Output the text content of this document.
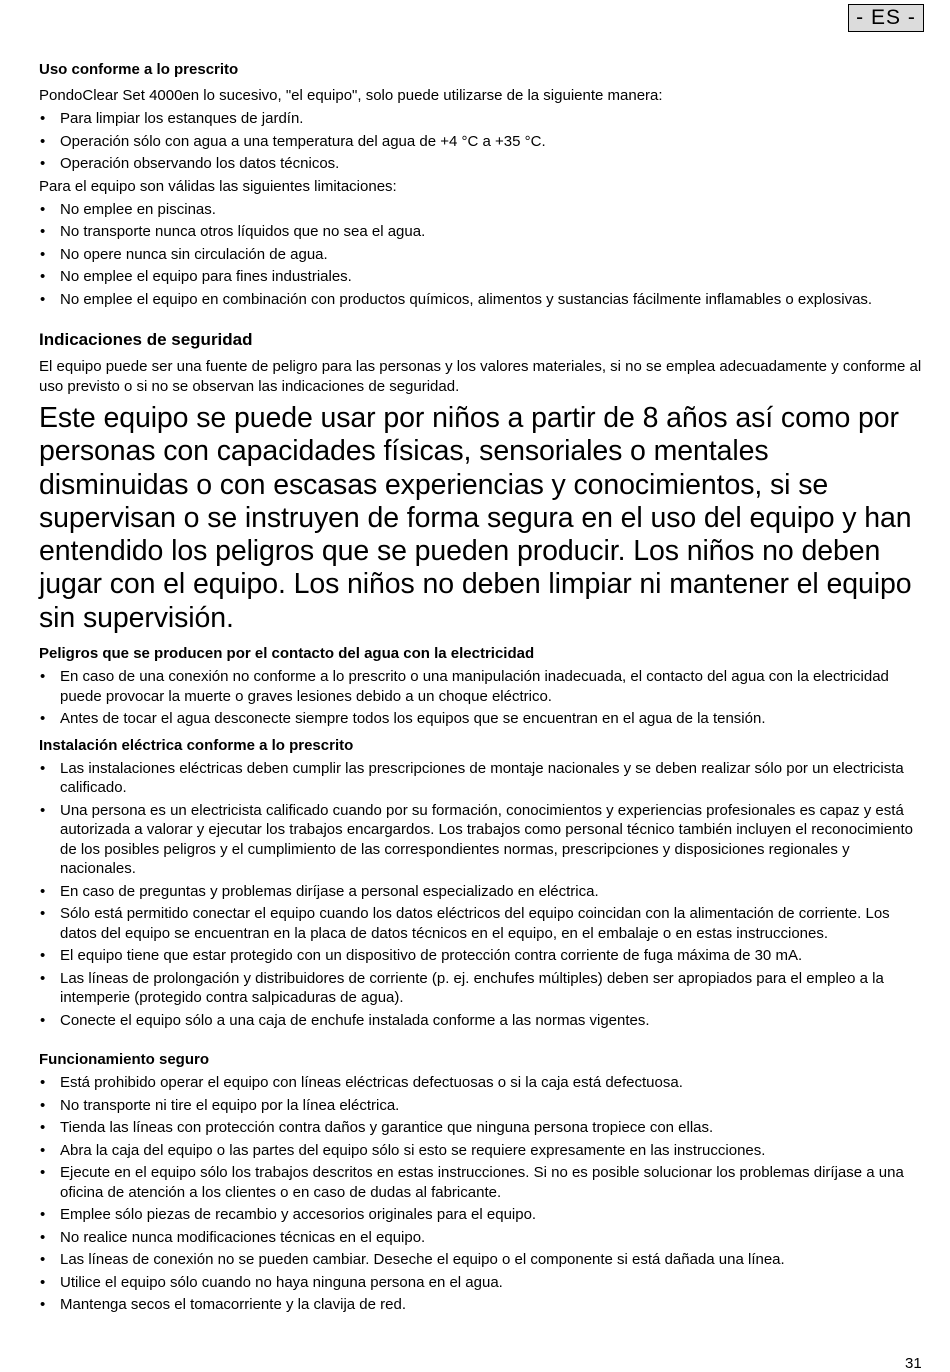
- ES -

Uso conforme a lo prescrito

PondoClear Set 4000en lo sucesivo, "el equipo", solo puede utilizarse de la siguiente manera:

• Para limpiar los estanques de jardín.
• Operación sólo con agua a una temperatura del agua de +4 °C a +35 °C.
• Operación observando los datos técnicos.

Para el equipo son válidas las siguientes limitaciones:

• No emplee en piscinas.
• No transporte nunca otros líquidos que no sea el agua.
• No opere nunca sin circulación de agua.
• No emplee el equipo para fines industriales.
• No emplee el equipo en combinación con productos químicos, alimentos y sustancias fácilmente inflamables o explosivas.

Indicaciones de seguridad

El equipo puede ser una fuente de peligro para las personas y los valores materiales, si no se emplea adecuadamente y conforme al uso previsto o si no se observan las indicaciones de seguridad.

Este equipo se puede usar por niños a partir de 8 años así como por personas con capacidades físicas, sensoriales o mentales disminuidas o con escasas experiencias y conocimientos, si se supervisan o se instruyen de forma segura en el uso del equipo y han entendido los peligros que se pueden producir. Los niños no deben jugar con el equipo. Los niños no deben limpiar ni mantener el equipo sin supervisión.

Peligros que se producen por el contacto del agua con la electricidad

• En caso de una conexión no conforme a lo prescrito o una manipulación inadecuada, el contacto del agua con la electricidad puede provocar la muerte o graves lesiones debido a un choque eléctrico.
• Antes de tocar el agua desconecte siempre todos los equipos que se encuentran en el agua de la tensión.

Instalación eléctrica conforme a lo prescrito

• Las instalaciones eléctricas deben cumplir las prescripciones de montaje nacionales y se deben realizar sólo por un electricista calificado.
• Una persona es un electricista calificado cuando por su formación, conocimientos y experiencias profesionales es capaz y está autorizada a valorar y ejecutar los trabajos encargardos. Los trabajos como personal técnico también incluyen el reconocimiento de los posibles peligros y el cumplimiento de las correspondientes normas, prescripciones y disposiciones regionales y nacionales.
• En caso de preguntas y problemas diríjase a personal especializado en eléctrica.
• Sólo está permitido conectar el equipo cuando los datos eléctricos del equipo coincidan con la alimentación de corriente. Los datos del equipo se encuentran en la placa de datos técnicos en el equipo, en el embalaje o en estas instrucciones.
• El equipo tiene que estar protegido con un dispositivo de protección contra corriente de fuga máxima de 30 mA.
• Las líneas de prolongación y distribuidores de corriente (p. ej. enchufes múltiples) deben ser apropiados para el empleo a la intemperie (protegido contra salpicaduras de agua).
• Conecte el equipo sólo a una caja de enchufe instalada conforme a las normas vigentes.

Funcionamiento seguro

• Está prohibido operar el equipo con líneas eléctricas defectuosas o si la caja está defectuosa.
• No transporte ni tire el equipo por la línea eléctrica.
• Tienda las líneas con protección contra daños y garantice que ninguna persona tropiece con ellas.
• Abra la caja del equipo o las partes del equipo sólo si esto se requiere expresamente en las instrucciones.
• Ejecute en el equipo sólo los trabajos descritos en estas instrucciones. Si no es posible solucionar los problemas diríjase a una oficina de atención a los clientes o en caso de dudas al fabricante.
• Emplee sólo piezas de recambio y accesorios originales para el equipo.
• No realice nunca modificaciones técnicas en el equipo.
• Las líneas de conexión no se pueden cambiar. Deseche el equipo o el componente si está dañada una línea.
• Utilice el equipo sólo cuando no haya ninguna persona en el agua.
• Mantenga secos el tomacorriente y la clavija de red.
31
